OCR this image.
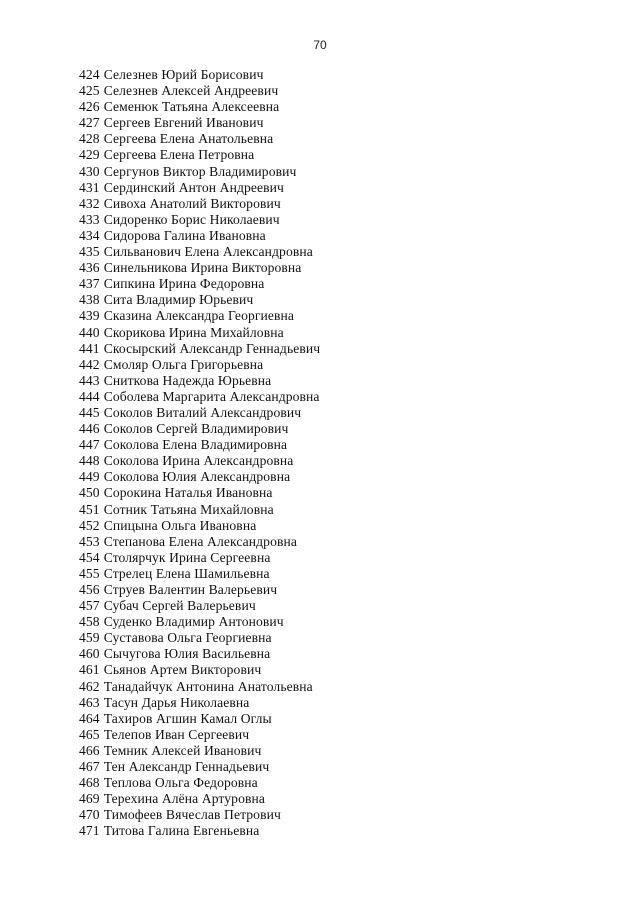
70
424 Селезнев Юрий Борисович
425 Селезнев Алексей Андреевич
426 Семенюк Татьяна Алексеевна
427 Сергеев Евгений Иванович
428 Сергеева Елена Анатольевна
429 Сергеева Елена Петровна
430 Сергунов Виктор Владимирович
431 Сердинский Антон Андреевич
432 Сивоха Анатолий Викторович
433 Сидоренко Борис Николаевич
434 Сидорова Галина Ивановна
435 Сильванович Елена Александровна
436 Синельникова Ирина Викторовна
437 Сипкина Ирина Федоровна
438 Сита Владимир Юрьевич
439 Сказина Александра Георгиевна
440 Скорикова Ирина Михайловна
441 Скосырский Александр Геннадьевич
442 Смоляр Ольга Григорьевна
443 Сниткова Надежда Юрьевна
444 Соболева Маргарита Александровна
445 Соколов Виталий Александрович
446 Соколов Сергей Владимирович
447 Соколова Елена Владимировна
448 Соколова Ирина Александровна
449 Соколова Юлия Александровна
450 Сорокина Наталья Ивановна
451 Сотник Татьяна Михайловна
452 Спицына Ольга Ивановна
453 Степанова Елена Александровна
454 Столярчук Ирина Сергеевна
455 Стрелец Елена Шамильевна
456 Струев Валентин Валерьевич
457 Субач Сергей Валерьевич
458 Суденко Владимир Антонович
459 Суставова Ольга Георгиевна
460 Сычугова Юлия Васильевна
461 Сьянов Артем Викторович
462 Танадайчук Антонина Анатольевна
463 Тасун Дарья Николаевна
464 Тахиров Агшин Камал Оглы
465 Телепов Иван Сергеевич
466 Темник Алексей Иванович
467 Тен Александр Геннадьевич
468 Теплова Ольга Федоровна
469 Терехина Алёна Артуровна
470 Тимофеев Вячеслав Петрович
471 Титова Галина Евгеньевна
